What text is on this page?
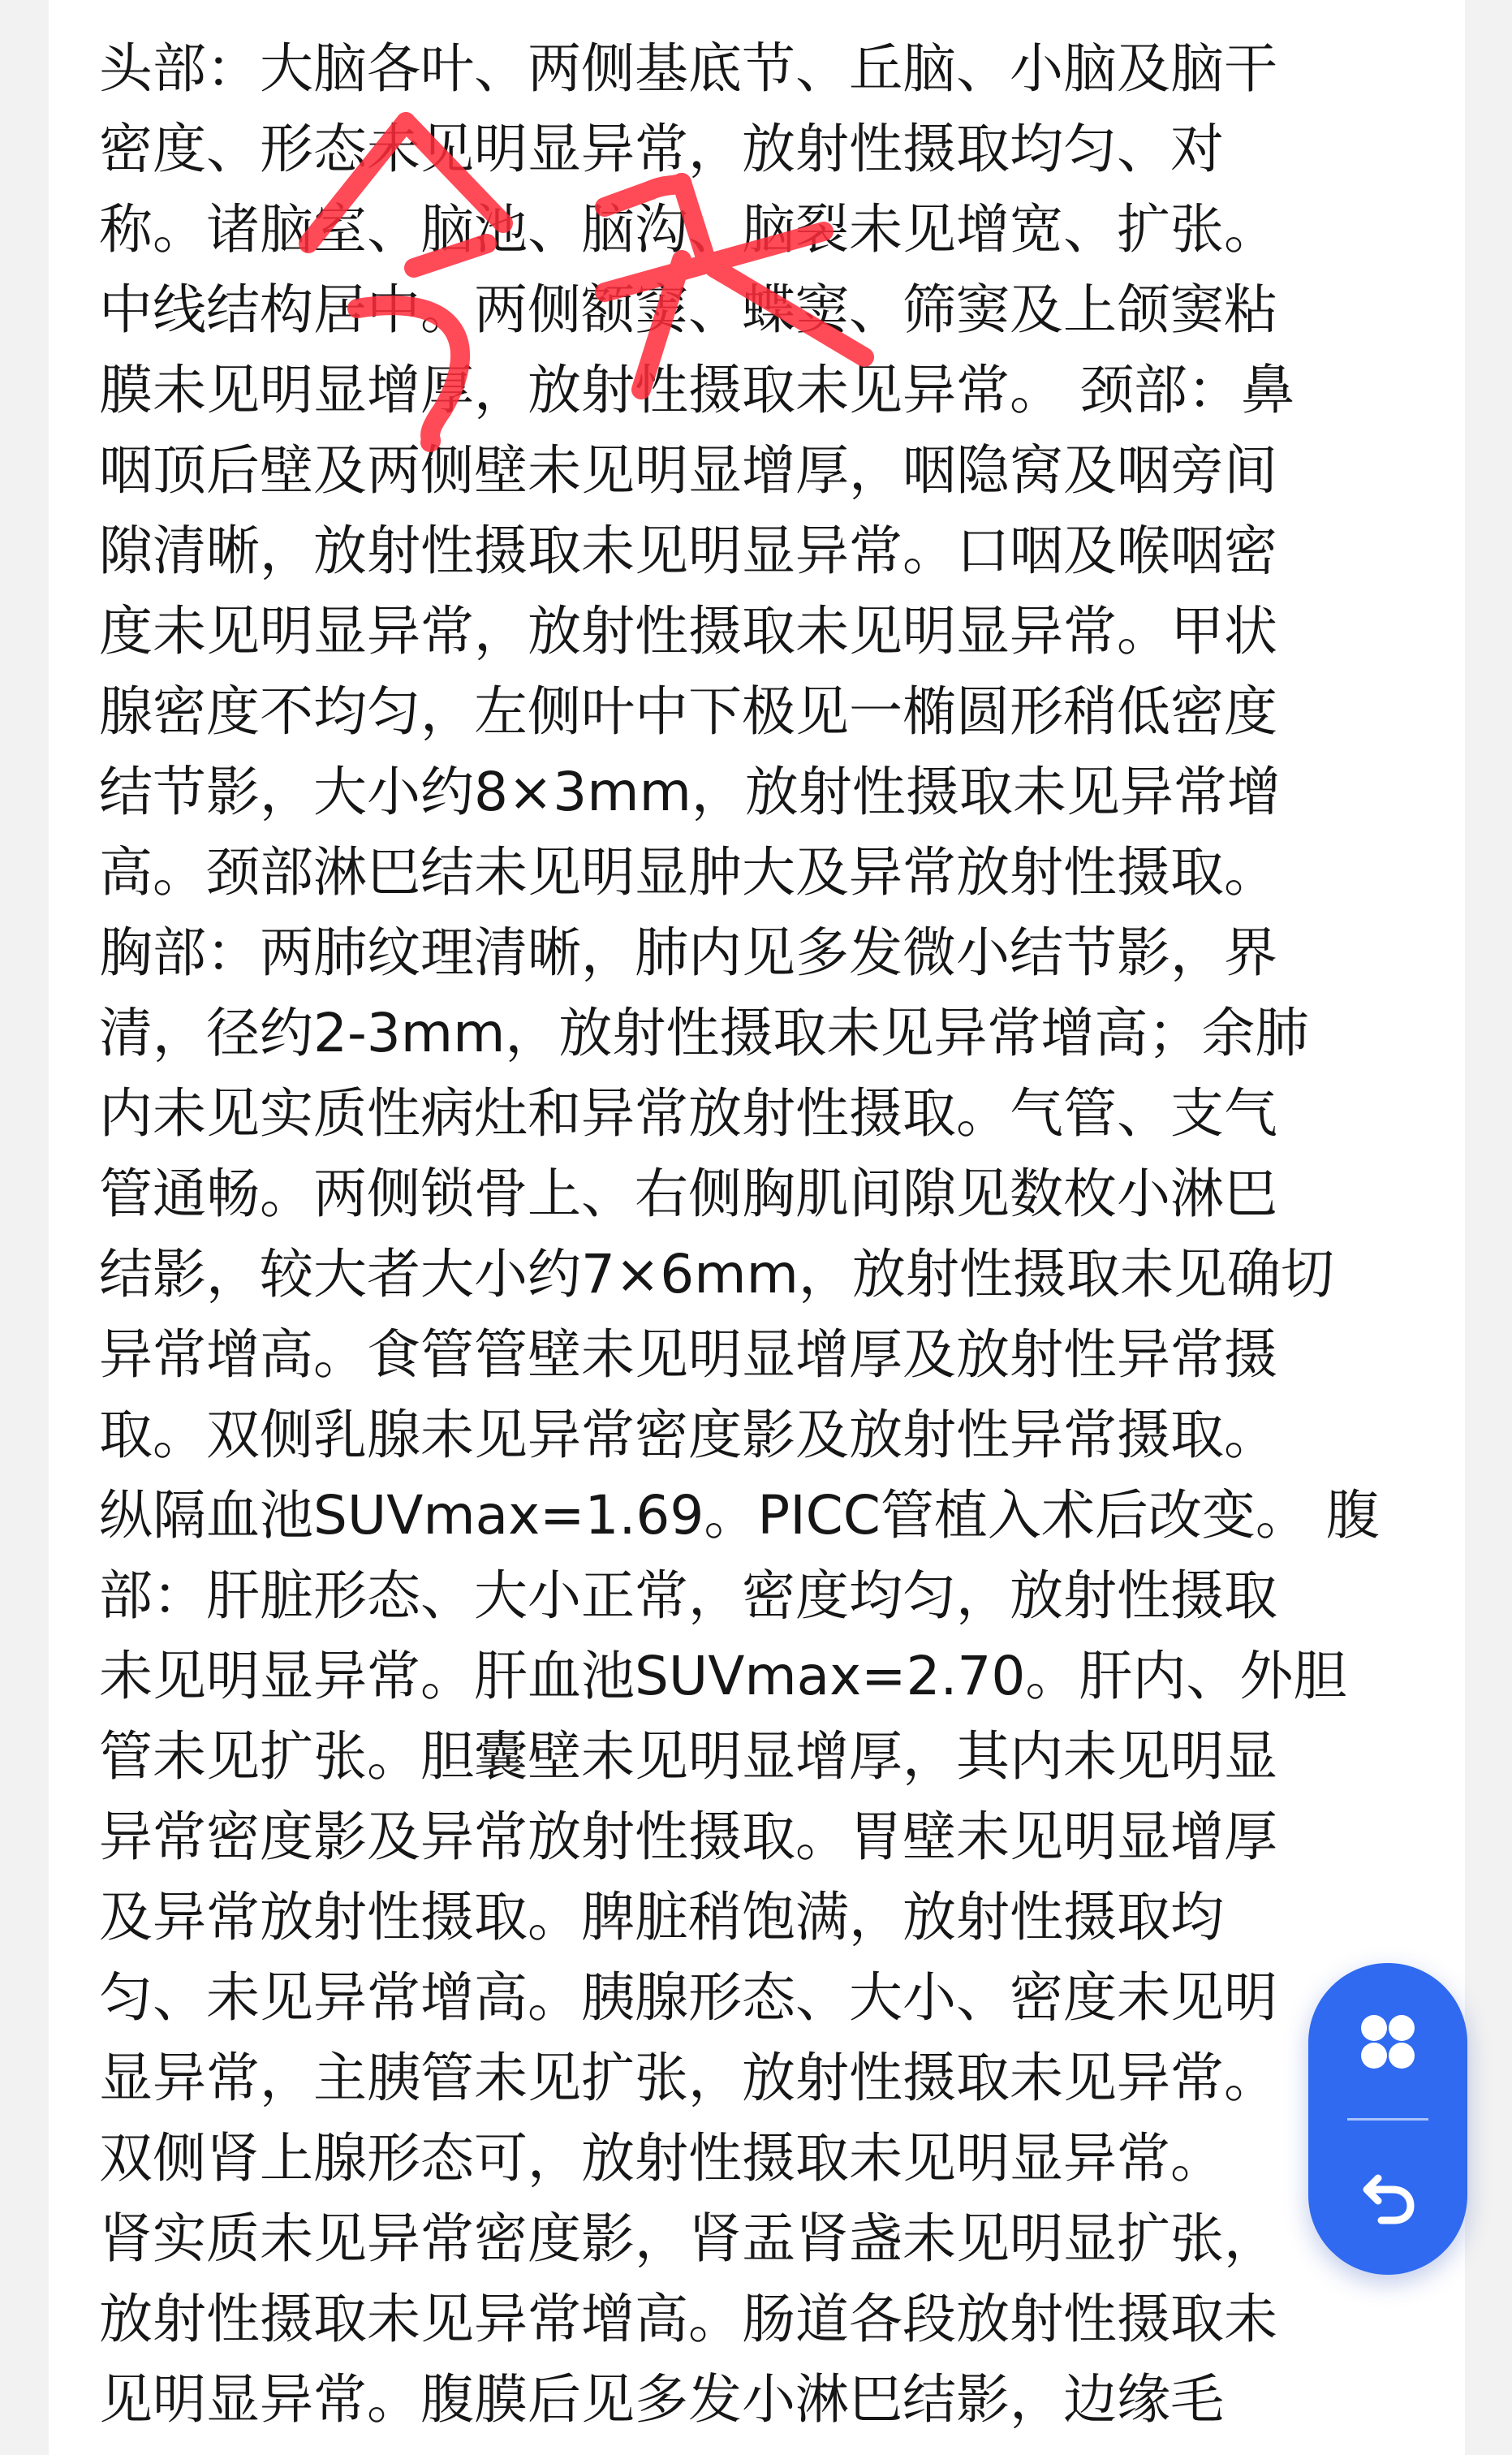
头部：大脑各叶、两侧基底节、丘脑、小脑及脑干
密度、形态未见明显异常，放射性摄取均匀、对
称。诸脑室、脑池、脑沟、脑裂未见增宽、扩张。
中线结构居中。两侧额窦、蝶窦、筛窦及上颌窦粘
膜未见明显增厚，放射性摄取未见异常。 颈部：鼻
咽顶后壁及两侧壁未见明显增厚，咽隐窝及咽旁间
隙清晰，放射性摄取未见明显异常。口咽及喉咽密
度未见明显异常，放射性摄取未见明显异常。甲状
腺密度不均匀，左侧叶中下极见一椭圆形稍低密度
结节影，大小约8×3mm，放射性摄取未见异常增
高。颈部淋巴结未见明显肿大及异常放射性摄取。
胸部：两肺纹理清晰，肺内见多发微小结节影，界
清，径约2-3mm，放射性摄取未见异常增高；余肺
内未见实质性病灶和异常放射性摄取。气管、支气
管通畅。两侧锁骨上、右侧胸肌间隙见数枚小淋巴
结影，较大者大小约7×6mm，放射性摄取未见确切
异常增高。食管管壁未见明显增厚及放射性异常摄
取。双侧乳腺未见异常密度影及放射性异常摄取。
纵隔血池SUVmax=1.69。PICC管植入术后改变。 腹
部：肝脏形态、大小正常，密度均匀，放射性摄取
未见明显异常。肝血池SUVmax=2.70。肝内、外胆
管未见扩张。胆囊壁未见明显增厚，其内未见明显
异常密度影及异常放射性摄取。胃壁未见明显增厚
及异常放射性摄取。脾脏稍饱满，放射性摄取均
匀、未见异常增高。胰腺形态、大小、密度未见明
显异常，主胰管未见扩张，放射性摄取未见异常。
双侧肾上腺形态可，放射性摄取未见明显异常。
肾实质未见异常密度影，肾盂肾盏未见明显扩张，
放射性摄取未见异常增高。肠道各段放射性摄取未
见明显异常。腹膜后见多发小淋巴结影，边缘毛
